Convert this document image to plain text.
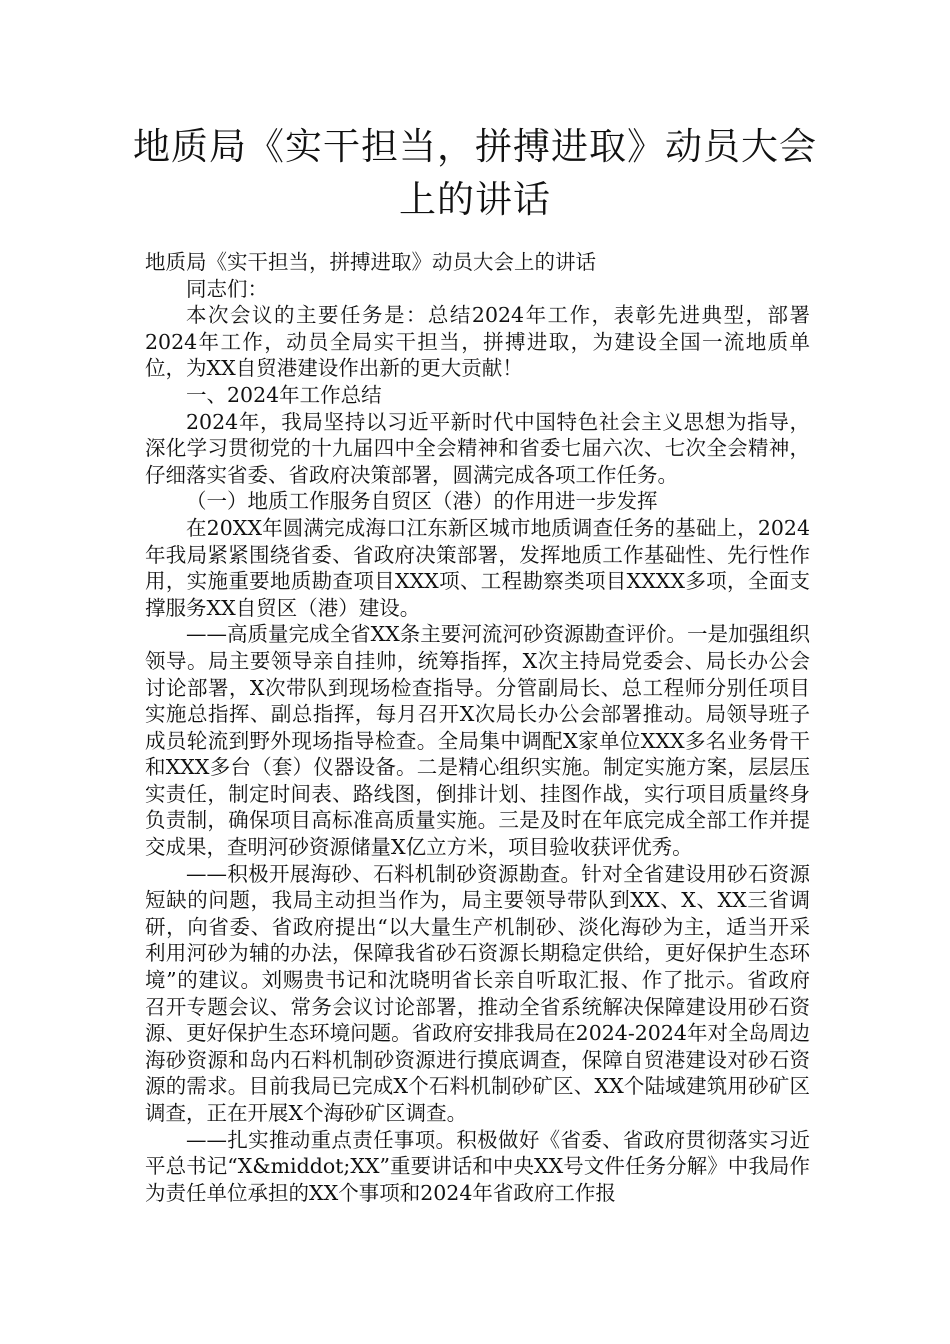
地质局《实干担当，拼搏进取》动员大会
上的讲话

地质局《实干担当，拼搏进取》动员大会上的讲话

同志们：

本次会议的主要任务是：总结2024年工作，表彰先进典型，部署2024年工作，动员全局实干担当，拼搏进取，为建设全国一流地质单位，为XX自贸港建设作出新的更大贡献！

一、2024年工作总结

2024年，我局坚持以习近平新时代中国特色社会主义思想为指导，深化学习贯彻党的十九届四中全会精神和省委七届六次、七次全会精神，仔细落实省委、省政府决策部署，圆满完成各项工作任务。

（一）地质工作服务自贸区（港）的作用进一步发挥

在20XX年圆满完成海口江东新区城市地质调查任务的基础上，2024年我局紧紧围绕省委、省政府决策部署，发挥地质工作基础性、先行性作用，实施重要地质勘查项目XXX项、工程勘察类项目XXXX多项，全面支撑服务XX自贸区（港）建设。

——高质量完成全省XX条主要河流河砂资源勘查评价。一是加强组织领导。局主要领导亲自挂帅，统筹指挥，X次主持局党委会、局长办公会讨论部署，X次带队到现场检查指导。分管副局长、总工程师分别任项目实施总指挥、副总指挥，每月召开X次局长办公会部署推动。局领导班子成员轮流到野外现场指导检查。全局集中调配X家单位XXX多名业务骨干和XXX多台（套）仪器设备。二是精心组织实施。制定实施方案，层层压实责任，制定时间表、路线图，倒排计划、挂图作战，实行项目质量终身负责制，确保项目高标准高质量实施。三是及时在年底完成全部工作并提交成果，查明河砂资源储量X亿立方米，项目验收获评优秀。

——积极开展海砂、石料机制砂资源勘查。针对全省建设用砂石资源短缺的问题，我局主动担当作为，局主要领导带队到XX、X、XX三省调研，向省委、省政府提出“以大量生产机制砂、淡化海砂为主，适当开采利用河砂为辅的办法，保障我省砂石资源长期稳定供给，更好保护生态环境”的建议。刘赐贵书记和沈晓明省长亲自听取汇报、作了批示。省政府召开专题会议、常务会议讨论部署，推动全省系统解决保障建设用砂石资源、更好保护生态环境问题。省政府安排我局在2024-2024年对全岛周边海砂资源和岛内石料机制砂资源进行摸底调查，保障自贸港建设对砂石资源的需求。目前我局已完成X个石料机制砂矿区、XX个陆域建筑用砂矿区调查，正在开展X个海砂矿区调查。

——扎实推动重点责任事项。积极做好《省委、省政府贯彻落实习近平总书记“X&middot;XX”重要讲话和中央XX号文件任务分解》中我局作为责任单位承担的XX个事项和2024年省政府工作报
